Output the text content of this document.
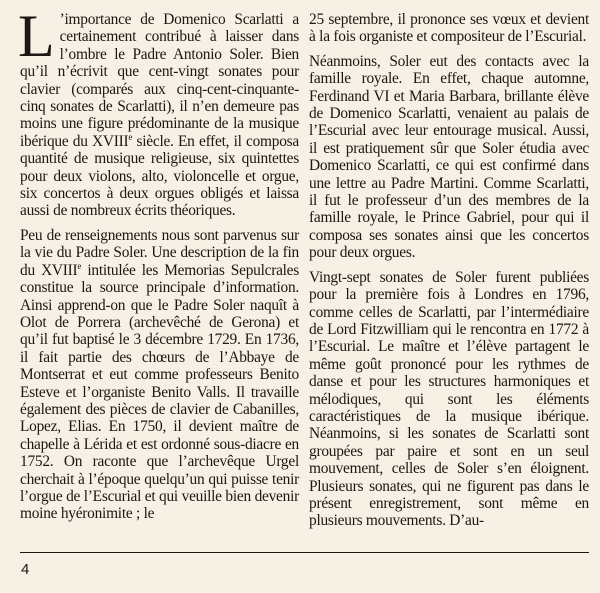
L ’importance de Domenico Scarlatti a certainement contribué à laisser dans l’ombre le Padre Antonio Soler. Bien qu’il n’écrivit que cent-vingt sonates pour clavier (comparés aux cinq-cent-cinquante-cinq sonates de Scarlatti), il n’en demeure pas moins une figure prédominante de la musique ibérique du XVIIIe siècle. En effet, il composa quantité de musique religieuse, six quintettes pour deux violons, alto, violoncelle et orgue, six concertos à deux orgues obligés et laissa aussi de nombreux écrits théoriques.

Peu de renseignements nous sont parvenus sur la vie du Padre Soler. Une description de la fin du XVIIIe intitulée les Memorias Sepulcrales constitue la source principale d’information. Ainsi apprend-on que le Padre Soler naquît à Olot de Porrera (archevêché de Gerona) et qu’il fut baptisé le 3 décembre 1729. En 1736, il fait partie des chœurs de l’Abbaye de Montserrat et eut comme professeurs Benito Esteve et l’organiste Benito Valls. Il travaille également des pièces de clavier de Cabanilles, Lopez, Elias. En 1750, il devient maître de chapelle à Lérida et est ordonné sous-diacre en 1752. On raconte que l’archevêque Urgel cherchait à l’époque quelqu’un qui puisse tenir l’orgue de l’Escurial et qui veuille bien devenir moine hyéronimite ; le

25 septembre, il prononce ses vœux et devient à la fois organiste et compositeur de l’Escurial.

Néanmoins, Soler eut des contacts avec la famille royale. En effet, chaque automne, Ferdinand VI et Maria Barbara, brillante élève de Domenico Scarlatti, venaient au palais de l’Escurial avec leur entourage musical. Aussi, il est pratiquement sûr que Soler étudia avec Domenico Scarlatti, ce qui est confirmé dans une lettre au Padre Martini. Comme Scarlatti, il fut le professeur d’un des membres de la famille royale, le Prince Gabriel, pour qui il composa ses sonates ainsi que les concertos pour deux orgues.

Vingt-sept sonates de Soler furent publiées pour la première fois à Londres en 1796, comme celles de Scarlatti, par l’intermédiaire de Lord Fitzwilliam qui le rencontra en 1772 à l’Escurial. Le maître et l’élève partagent le même goût prononcé pour les rythmes de danse et pour les structures harmoniques et mélodiques, qui sont les éléments caractéristiques de la musique ibérique. Néanmoins, si les sonates de Scarlatti sont groupées par paire et sont en un seul mouvement, celles de Soler s’en éloignent. Plusieurs sonates, qui ne figurent pas dans le présent enregistrement, sont même en plusieurs mouvements. D’au-

4
